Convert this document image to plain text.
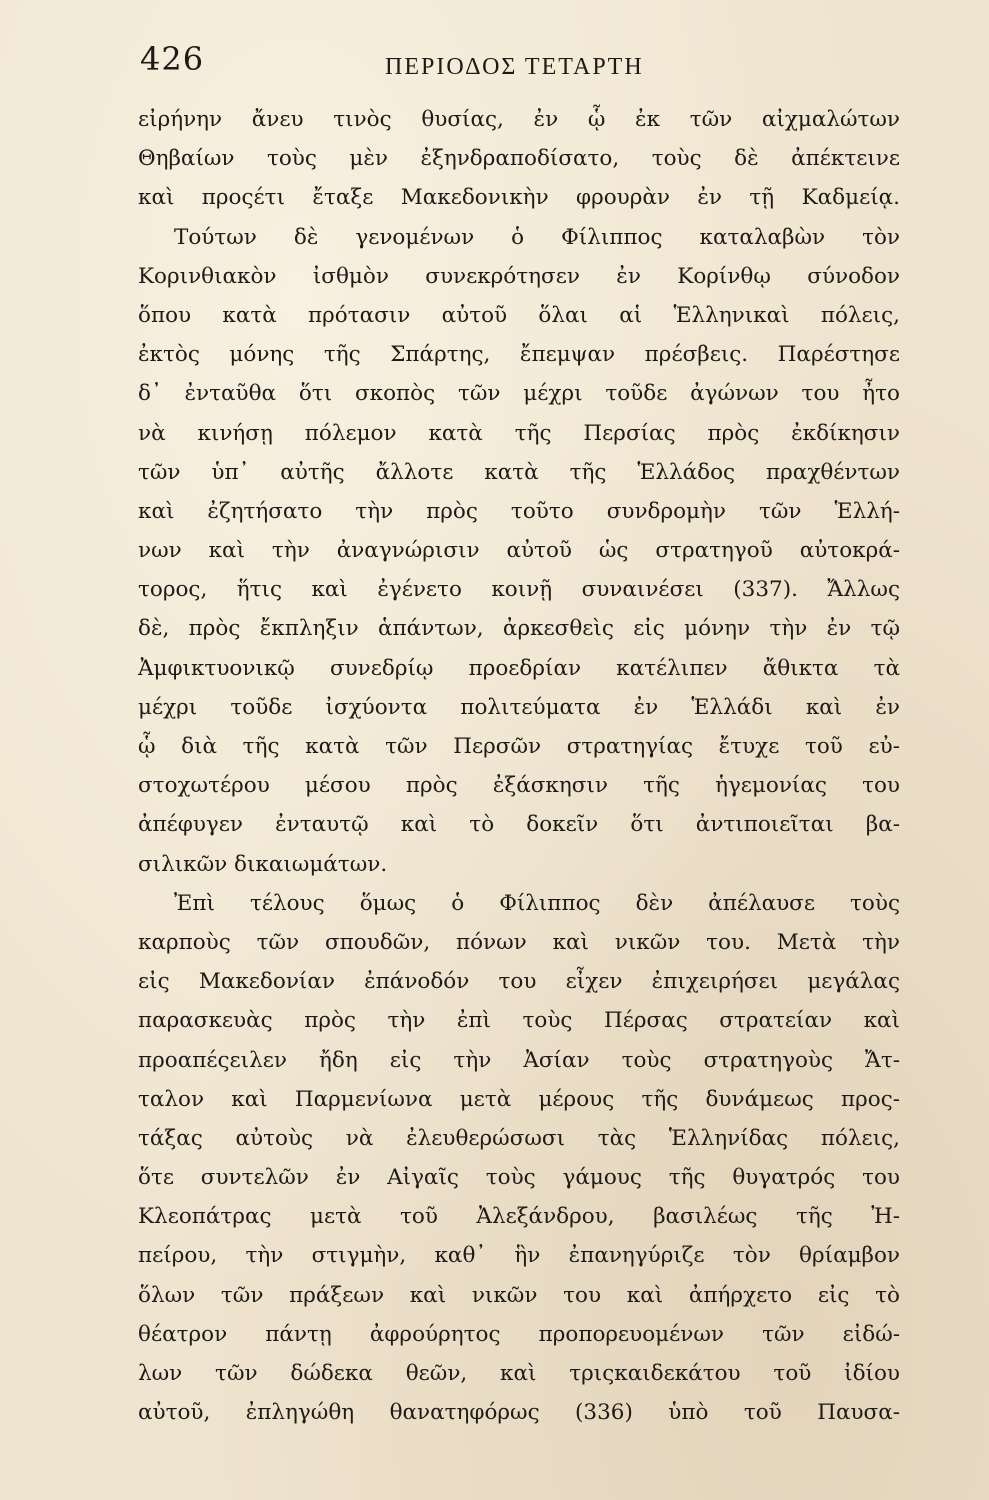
426	ΠΕΡΙΟΔΟΣ ΤΕΤΑΡΤΗ
εἰρήνην ἄνευ τινὸς θυσίας, ἐν ᾧ ἐκ τῶν αἰχμαλώτων
Θηβαίων τοὺς μὲν ἐξηνδραποδίσατο, τοὺς δὲ ἀπέκτεινε
καὶ προςέτι ἔταξε Μακεδονικὴν φρουρὰν ἐν τῇ Καδμείᾳ.
Τούτων δὲ γενομένων ὁ Φίλιππος καταλαβὼν τὸν
Κορινθιακὸν ἰσθμὸν συνεκρότησεν ἐν Κορίνθῳ σύνοδον
ὅπου κατὰ πρότασιν αὐτοῦ ὅλαι αἱ Ἑλληνικαὶ πόλεις,
ἐκτὸς μόνης τῆς Σπάρτης, ἔπεμψαν πρέσβεις. Παρέστησε
δ᾿ ἐνταῦθα ὅτι σκοπὸς τῶν μέχρι τοῦδε ἀγώνων του ἦτο
νὰ κινήσῃ πόλεμον κατὰ τῆς Περσίας πρὸς ἐκδίκησιν
τῶν ὑπ᾿ αὐτῆς ἄλλοτε κατὰ τῆς Ἑλλάδος πραχθέντων
καὶ ἐζητήσατο τὴν πρὸς τοῦτο συνδρομὴν τῶν Ἑλλή-
νων καὶ τὴν ἀναγνώρισιν αὐτοῦ ὡς στρατηγοῦ αὐτοκρά-
τορος, ἥτις καὶ ἐγένετο κοινῇ συναινέσει (337). Ἄλλως
δὲ, πρὸς ἔκπληξιν ἁπάντων, ἀρκεσθεὶς εἰς μόνην τὴν ἐν τῷ
Ἀμφικτυονικῷ συνεδρίῳ προεδρίαν κατέλιπεν ἄθικτα τὰ
μέχρι τοῦδε ἰσχύοντα πολιτεύματα ἐν Ἑλλάδι καὶ ἐν
ᾧ διὰ τῆς κατὰ τῶν Περσῶν στρατηγίας ἔτυχε τοῦ εὐ-
στοχωτέρου μέσου πρὸς ἐξάσκησιν τῆς ἡγεμονίας του
ἀπέφυγεν ἐνταυτῷ καὶ τὸ δοκεῖν ὅτι ἀντιποιεῖται βα-
σιλικῶν δικαιωμάτων.
Ἐπὶ τέλους ὅμως ὁ Φίλιππος δὲν ἀπέλαυσε τοὺς
καρποὺς τῶν σπουδῶν, πόνων καὶ νικῶν του. Μετὰ τὴν
εἰς Μακεδονίαν ἐπάνοδόν του εἶχεν ἐπιχειρήσει μεγάλας
παρασκευὰς πρὸς τὴν ἐπὶ τοὺς Πέρσας στρατείαν καὶ
προαπέςειλεν ἤδη εἰς τὴν Ἀσίαν τοὺς στρατηγοὺς Ἄτ-
ταλον καὶ Παρμενίωνα μετὰ μέρους τῆς δυνάμεως προς-
τάξας αὐτοὺς νὰ ἐλευθερώσωσι τὰς Ἑλληνίδας πόλεις,
ὅτε συντελῶν ἐν Αἰγαῖς τοὺς γάμους τῆς θυγατρός του
Κλεοπάτρας μετὰ τοῦ Ἀλεξάνδρου, βασιλέως τῆς Ἠ-
πείρου, τὴν στιγμὴν, καθ᾿ ἣν ἐπανηγύριζε τὸν θρίαμβον
ὅλων τῶν πράξεων καὶ νικῶν του καὶ ἀπήρχετο εἰς τὸ
θέατρον πάντῃ ἀφρούρητος προπορευομένων τῶν εἰδώ-
λων τῶν δώδεκα θεῶν, καὶ τριςκαιδεκάτου τοῦ ἰδίου
αὐτοῦ, ἐπληγώθη θανατηφόρως (336) ὑπὸ τοῦ Παυσα-
